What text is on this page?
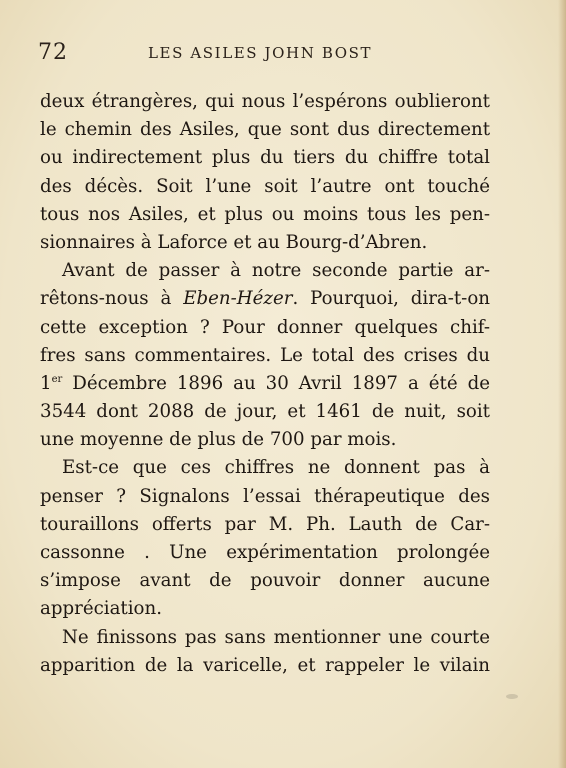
72	LES ASILES JOHN BOST
deux étrangères, qui nous l’espérons oublieront
le chemin des Asiles, que sont dus directement
ou indirectement plus du tiers du chiffre total
des décès. Soit l’une soit l’autre ont touché
tous nos Asiles, et plus ou moins tous les pen-
sionnaires à Laforce et au Bourg-d’Abren.
Avant de passer à notre seconde partie ar-
rêtons-nous à Eben-Hézer. Pourquoi, dira-t-on
cette exception ? Pour donner quelques chif-
fres sans commentaires. Le total des crises du
1er Décembre 1896 au 30 Avril 1897 a été de
3544 dont 2088 de jour, et 1461 de nuit, soit
une moyenne de plus de 700 par mois.
Est-ce que ces chiffres ne donnent pas à
penser ? Signalons l’essai thérapeutique des
touraillons offerts par M. Ph. Lauth de Car-
cassonne . Une expérimentation prolongée
s’impose avant de pouvoir donner aucune
appréciation.
Ne finissons pas sans mentionner une courte
apparition de la varicelle, et rappeler le vilain
